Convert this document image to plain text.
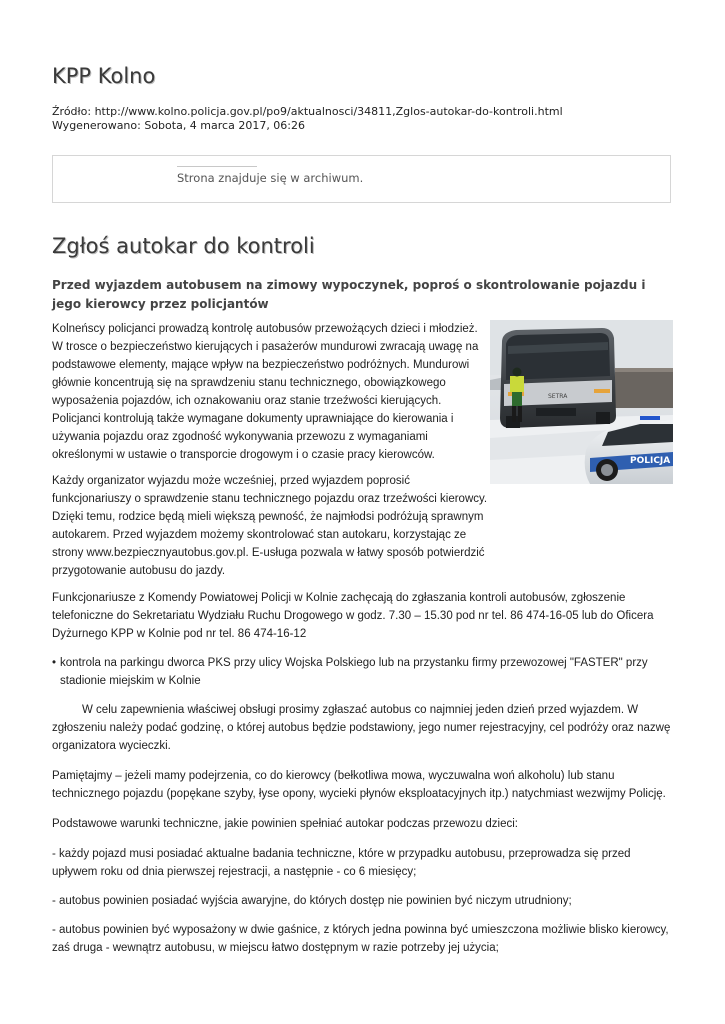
KPP Kolno
Źródło: http://www.kolno.policja.gov.pl/po9/aktualnosci/34811,Zglos-autokar-do-kontroli.html
Wygenerowano: Sobota, 4 marca 2017, 06:26
Strona znajduje się w archiwum.
Zgłoś autokar do kontroli

Przed wyjazdem autobusem na zimowy wypoczynek, poproś o skontrolowanie pojazdu i jego kierowcy przez policjantów

SETRA
POLICJA

Kolneńscy policjanci prowadzą kontrolę autobusów przewożących dzieci i młodzież. W trosce o bezpieczeństwo kierujących i pasażerów mundurowi zwracają uwagę na podstawowe elementy, mające wpływ na bezpieczeństwo podróżnych. Mundurowi głównie koncentrują się na sprawdzeniu stanu technicznego, obowiązkowego wyposażenia pojazdów, ich oznakowaniu oraz stanie trzeźwości kierujących. Policjanci kontrolują także wymagane dokumenty uprawniające do kierowania i używania pojazdu oraz zgodność wykonywania przewozu z wymaganiami określonymi w ustawie o transporcie drogowym i o czasie pracy kierowców.

Każdy organizator wyjazdu może wcześniej, przed wyjazdem poprosić funkcjonariuszy o sprawdzenie stanu technicznego pojazdu oraz trzeźwości kierowcy. Dzięki temu, rodzice będą mieli większą pewność, że najmłodsi podróżują sprawnym autokarem. Przed wyjazdem możemy skontrolować stan autokaru, korzystając ze strony www.bezpiecznyautobus.gov.pl. E-usługa pozwala w łatwy sposób potwierdzić przygotowanie autobusu do jazdy.

Funkcjonariusze z Komendy Powiatowej Policji w Kolnie zachęcają do zgłaszania kontroli autobusów, zgłoszenie telefoniczne do Sekretariatu Wydziału Ruchu Drogowego w godz. 7.30 – 15.30 pod nr tel. 86 474-16-05 lub do Oficera Dyżurnego KPP w Kolnie pod nr tel. 86 474-16-12

• kontrola na parkingu dworca PKS przy ulicy Wojska Polskiego lub na przystanku firmy przewozowej "FASTER" przy stadionie miejskim w Kolnie

W celu zapewnienia właściwej obsługi prosimy zgłaszać autobus co najmniej jeden dzień przed wyjazdem. W zgłoszeniu należy podać godzinę, o której autobus będzie podstawiony, jego numer rejestracyjny, cel podróży oraz nazwę organizatora wycieczki.

Pamiętajmy – jeżeli mamy podejrzenia, co do kierowcy (bełkotliwa mowa, wyczuwalna woń alkoholu) lub stanu technicznego pojazdu (popękane szyby, łyse opony, wycieki płynów eksploatacyjnych itp.) natychmiast wezwijmy Policję.

Podstawowe warunki techniczne, jakie powinien spełniać autokar podczas przewozu dzieci:

- każdy pojazd musi posiadać aktualne badania techniczne, które w przypadku autobusu, przeprowadza się przed upływem roku od dnia pierwszej rejestracji, a następnie - co 6 miesięcy;

- autobus powinien posiadać wyjścia awaryjne, do których dostęp nie powinien być niczym utrudniony;

- autobus powinien być wyposażony w dwie gaśnice, z których jedna powinna być umieszczona możliwie blisko kierowcy, zaś druga - wewnątrz autobusu, w miejscu łatwo dostępnym w razie potrzeby jej użycia;
